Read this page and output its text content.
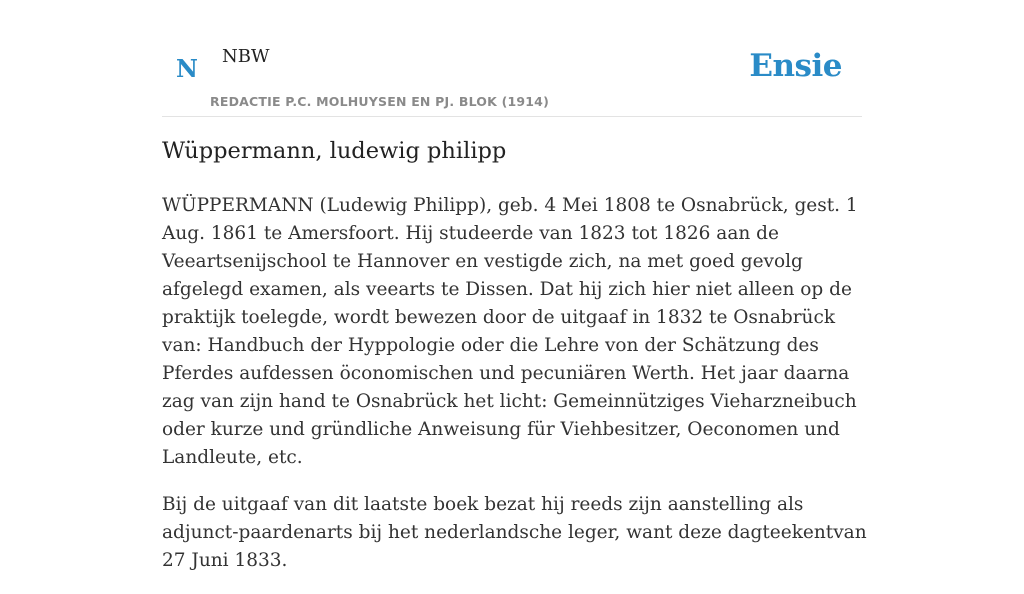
N NBW
REDACTIE P.C. MOLHUYSEN EN PJ. BLOK (1914)
Ensie
Wüppermann, ludewig philipp

WÜPPERMANN (Ludewig Philipp), geb. 4 Mei 1808 te Osnabrück, gest. 1 Aug. 1861 te Amersfoort. Hij studeerde van 1823 tot 1826 aan de Veeartsenijschool te Hannover en vestigde zich, na met goed gevolg afgelegd examen, als veearts te Dissen. Dat hij zich hier niet alleen op de praktijk toelegde, wordt bewezen door de uitgaaf in 1832 te Osnabrück van: Handbuch der Hyppologie oder die Lehre von der Schätzung des Pferdes aufdessen öconomischen und pecuniären Werth. Het jaar daarna zag van zijn hand te Osnabrück het licht: Gemeinnütziges Vieharzneibuch oder kurze und gründliche Anweisung für Viehbesitzer, Oeconomen und Landleute, etc.

Bij de uitgaaf van dit laatste boek bezat hij reeds zijn aanstelling als adjunct-paardenarts bij het nederlandsche leger, want deze dagteekentvan 27 Juni 1833.
